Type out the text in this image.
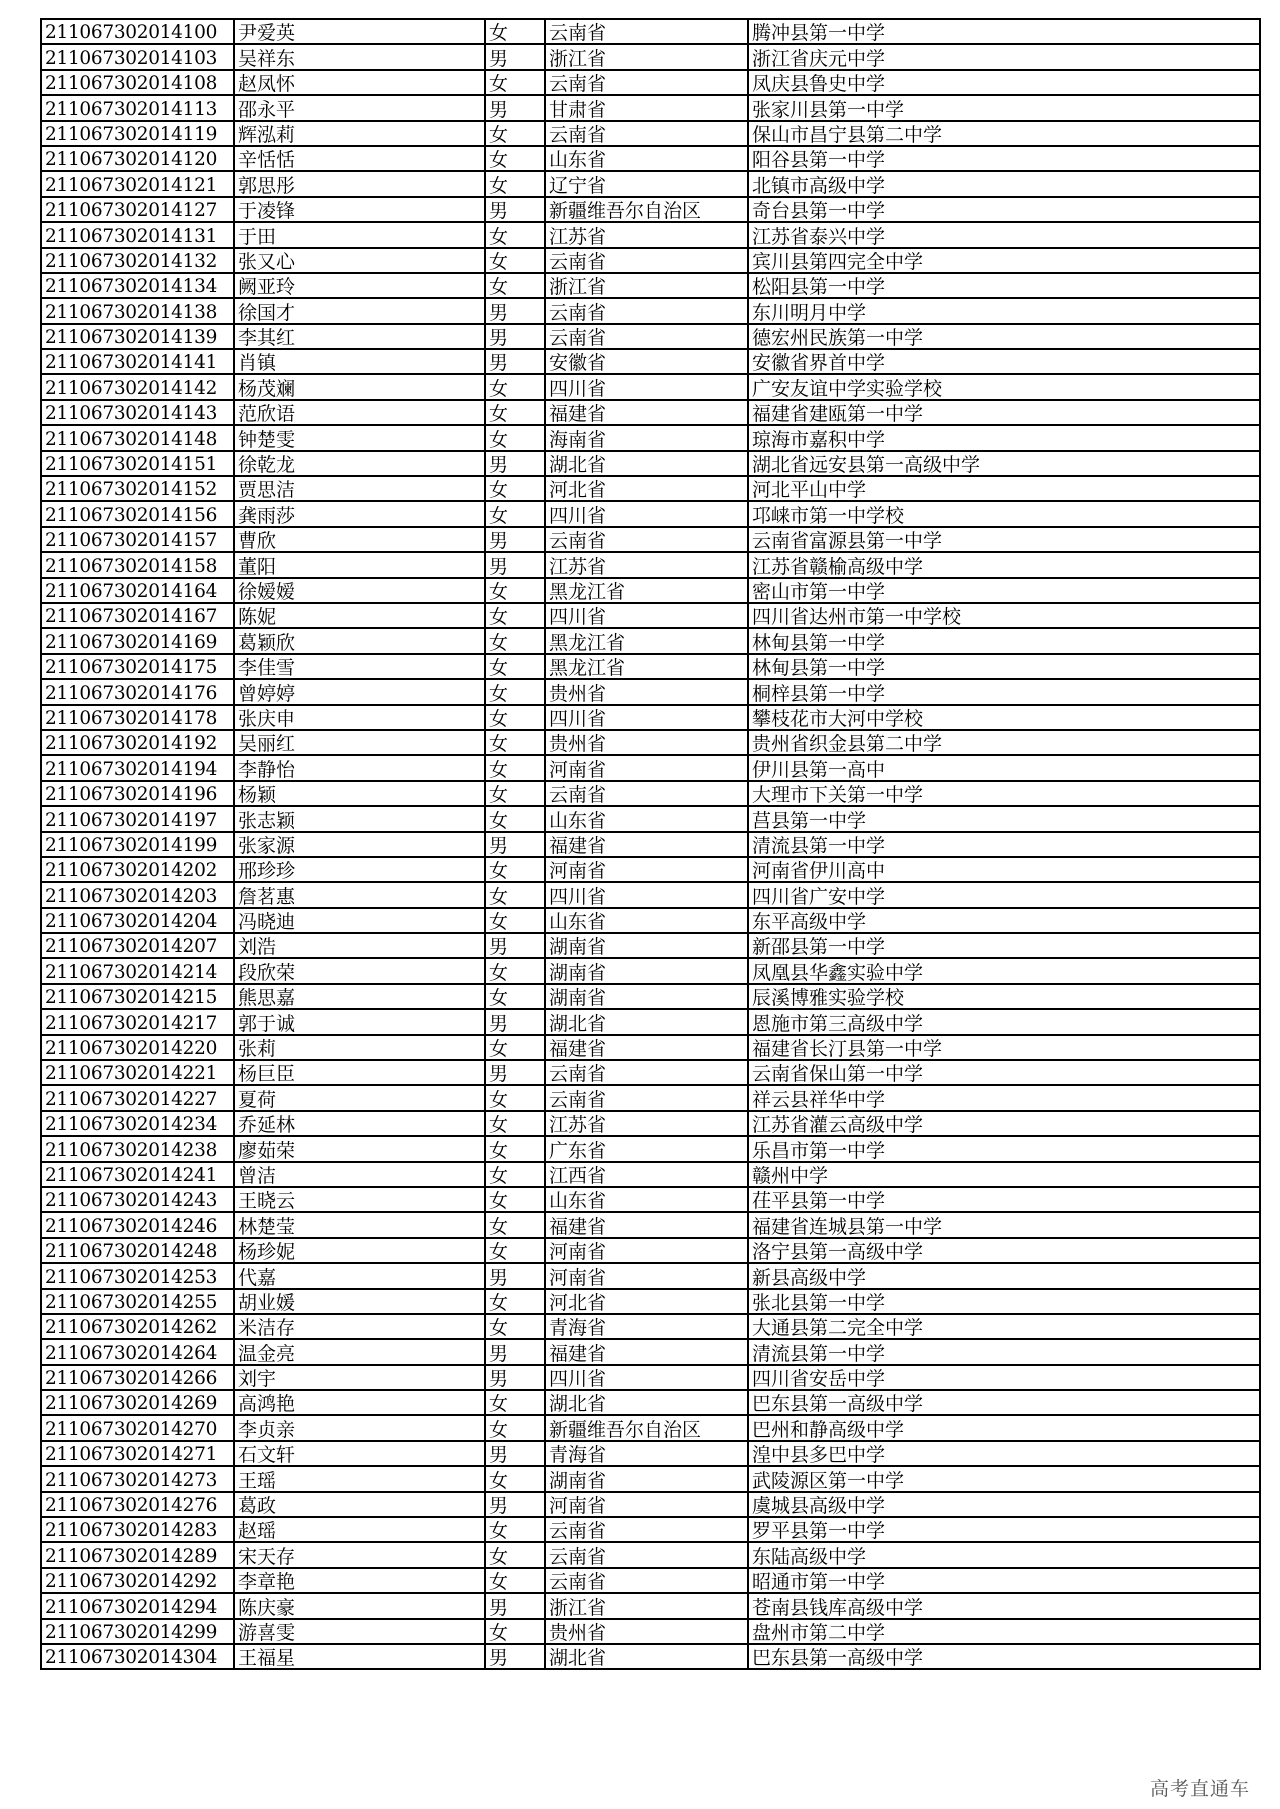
211067302014100	尹爱英	女	云南省	腾冲县第一中学
211067302014103	吴祥东	男	浙江省	浙江省庆元中学
211067302014108	赵凤怀	女	云南省	凤庆县鲁史中学
211067302014113	邵永平	男	甘肃省	张家川县第一中学
211067302014119	辉泓莉	女	云南省	保山市昌宁县第二中学
211067302014120	辛恬恬	女	山东省	阳谷县第一中学
211067302014121	郭思彤	女	辽宁省	北镇市高级中学
211067302014127	于凌锋	男	新疆维吾尔自治区	奇台县第一中学
211067302014131	于田	女	江苏省	江苏省泰兴中学
211067302014132	张又心	女	云南省	宾川县第四完全中学
211067302014134	阙亚玲	女	浙江省	松阳县第一中学
211067302014138	徐国才	男	云南省	东川明月中学
211067302014139	李其红	男	云南省	德宏州民族第一中学
211067302014141	肖镇	男	安徽省	安徽省界首中学
211067302014142	杨茂斓	女	四川省	广安友谊中学实验学校
211067302014143	范欣语	女	福建省	福建省建瓯第一中学
211067302014148	钟楚雯	女	海南省	琼海市嘉积中学
211067302014151	徐乾龙	男	湖北省	湖北省远安县第一高级中学
211067302014152	贾思洁	女	河北省	河北平山中学
211067302014156	龚雨莎	女	四川省	邛崃市第一中学校
211067302014157	曹欣	男	云南省	云南省富源县第一中学
211067302014158	董阳	男	江苏省	江苏省赣榆高级中学
211067302014164	徐嫒嫒	女	黑龙江省	密山市第一中学
211067302014167	陈妮	女	四川省	四川省达州市第一中学校
211067302014169	葛颖欣	女	黑龙江省	林甸县第一中学
211067302014175	李佳雪	女	黑龙江省	林甸县第一中学
211067302014176	曾婷婷	女	贵州省	桐梓县第一中学
211067302014178	张庆申	女	四川省	攀枝花市大河中学校
211067302014192	吴丽红	女	贵州省	贵州省织金县第二中学
211067302014194	李静怡	女	河南省	伊川县第一高中
211067302014196	杨颖	女	云南省	大理市下关第一中学
211067302014197	张志颖	女	山东省	莒县第一中学
211067302014199	张家源	男	福建省	清流县第一中学
211067302014202	邢珍珍	女	河南省	河南省伊川高中
211067302014203	詹茗惠	女	四川省	四川省广安中学
211067302014204	冯晓迪	女	山东省	东平高级中学
211067302014207	刘浩	男	湖南省	新邵县第一中学
211067302014214	段欣荣	女	湖南省	凤凰县华鑫实验中学
211067302014215	熊思嘉	女	湖南省	辰溪博雅实验学校
211067302014217	郭于诚	男	湖北省	恩施市第三高级中学
211067302014220	张莉	女	福建省	福建省长汀县第一中学
211067302014221	杨巨臣	男	云南省	云南省保山第一中学
211067302014227	夏荷	女	云南省	祥云县祥华中学
211067302014234	乔延林	女	江苏省	江苏省灌云高级中学
211067302014238	廖茹荣	女	广东省	乐昌市第一中学
211067302014241	曾洁	女	江西省	赣州中学
211067302014243	王晓云	女	山东省	茌平县第一中学
211067302014246	林楚莹	女	福建省	福建省连城县第一中学
211067302014248	杨珍妮	女	河南省	洛宁县第一高级中学
211067302014253	代嘉	男	河南省	新县高级中学
211067302014255	胡业媛	女	河北省	张北县第一中学
211067302014262	米洁存	女	青海省	大通县第二完全中学
211067302014264	温金亮	男	福建省	清流县第一中学
211067302014266	刘宇	男	四川省	四川省安岳中学
211067302014269	高鸿艳	女	湖北省	巴东县第一高级中学
211067302014270	李贞亲	女	新疆维吾尔自治区	巴州和静高级中学
211067302014271	石文轩	男	青海省	湟中县多巴中学
211067302014273	王瑶	女	湖南省	武陵源区第一中学
211067302014276	葛政	男	河南省	虞城县高级中学
211067302014283	赵瑶	女	云南省	罗平县第一中学
211067302014289	宋天存	女	云南省	东陆高级中学
211067302014292	李章艳	女	云南省	昭通市第一中学
211067302014294	陈庆豪	男	浙江省	苍南县钱库高级中学
211067302014299	游喜雯	女	贵州省	盘州市第二中学
211067302014304	王福星	男	湖北省	巴东县第一高级中学
高考直通车
